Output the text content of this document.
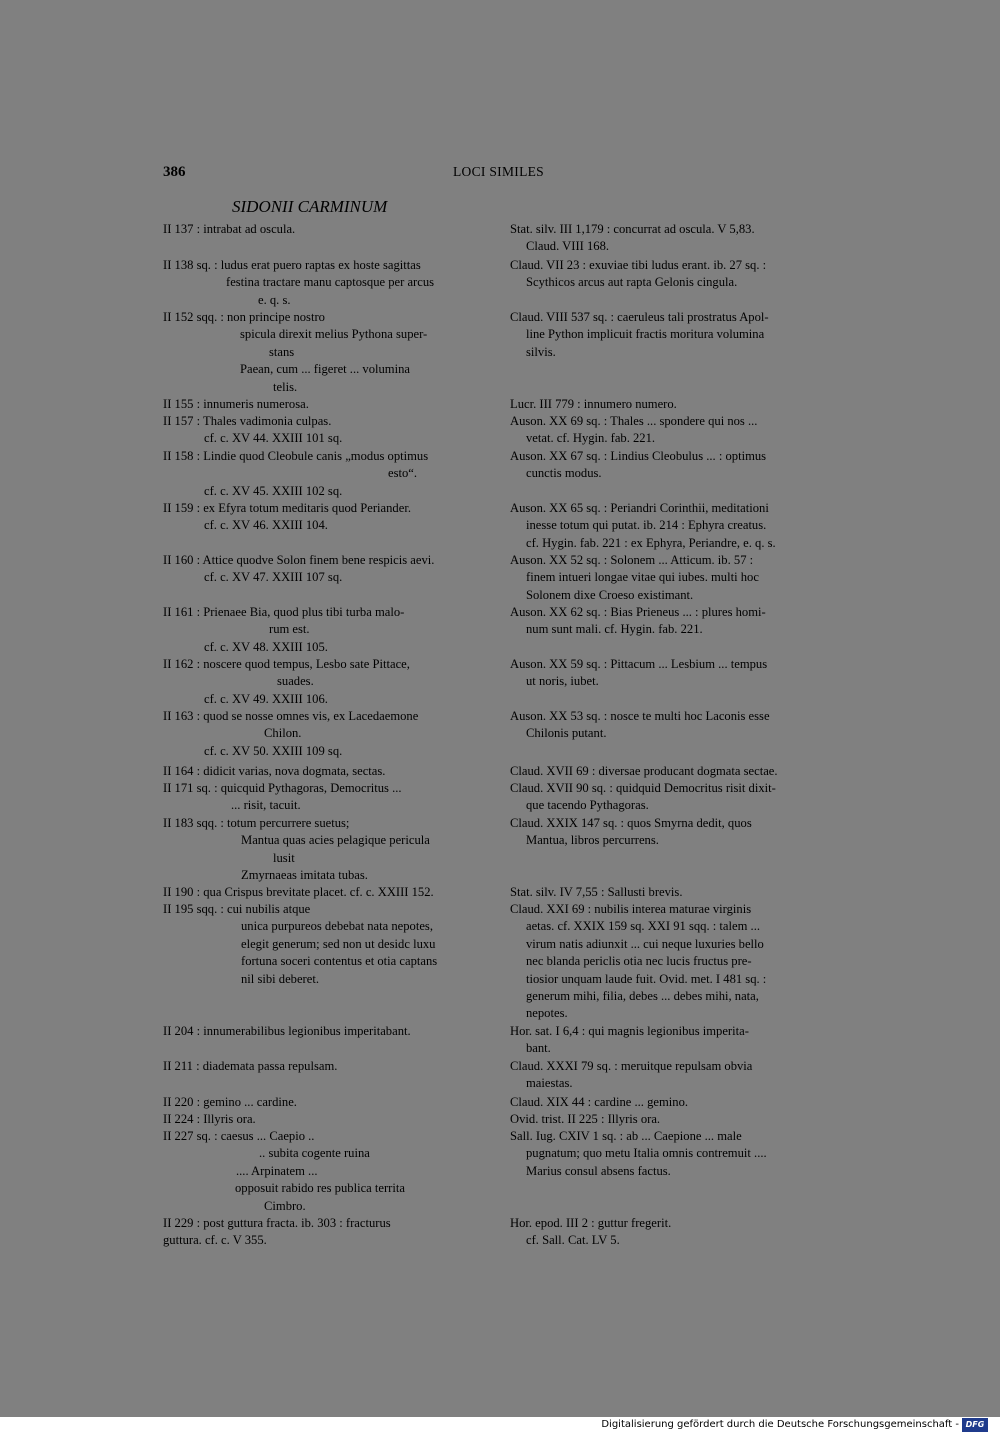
386	LOCI SIMILES
SIDONII CARMINUM
II 137 : intrabat ad oscula.
II 138 sq. : ludus erat puero raptas ex hoste sagittas
festina tractare manu captosque per arcus
e. q. s.
II 152 sqq. : non principe nostro
spicula direxit melius Pythona super-
stans
Paean, cum ... figeret ... volumina
telis.
II 155 : innumeris numerosa.
II 157 : Thales vadimonia culpas.
cf. c. XV 44. XXIII 101 sq.
II 158 : Lindie quod Cleobule canis „modus optimus
esto“.
cf. c. XV 45. XXIII 102 sq.
II 159 : ex Efyra totum meditaris quod Periander.
cf. c. XV 46. XXIII 104.
II 160 : Attice quodve Solon finem bene respicis aevi.
cf. c. XV 47. XXIII 107 sq.
II 161 : Prienaee Bia, quod plus tibi turba malo-
rum est.
cf. c. XV 48. XXIII 105.
II 162 : noscere quod tempus, Lesbo sate Pittace,
suades.
cf. c. XV 49. XXIII 106.
II 163 : quod se nosse omnes vis, ex Lacedaemone
Chilon.
cf. c. XV 50. XXIII 109 sq.
II 164 : didicit varias, nova dogmata, sectas.
II 171 sq. : quicquid Pythagoras, Democritus ...
... risit, tacuit.
II 183 sqq. : totum percurrere suetus;
Mantua quas acies pelagique pericula
lusit
Zmyrnaeas imitata tubas.
II 190 : qua Crispus brevitate placet. cf. c. XXIII 152.
II 195 sqq. : cui nubilis atque
unica purpureos debebat nata nepotes,
elegit generum; sed non ut desidc luxu
fortuna soceri contentus et otia captans
nil sibi deberet.
II 204 : innumerabilibus legionibus imperitabant.
II 211 : diademata passa repulsam.
II 220 : gemino ... cardine.
II 224 : Illyris ora.
II 227 sq. : caesus ... Caepio ..
.. subita cogente ruina
.... Arpinatem ...
opposuit rabido res publica territa
Cimbro.
II 229 : post guttura fracta. ib. 303 : fracturus
guttura. cf. c. V 355.
Stat. silv. III 1,179 : concurrat ad oscula. V 5,83.
Claud. VIII 168.
Claud. VII 23 : exuviae tibi ludus erant. ib. 27 sq. :
Scythicos arcus aut rapta Gelonis cingula.
Claud. VIII 537 sq. : caeruleus tali prostratus Apol-
line Python implicuit fractis moritura volumina
silvis.
Lucr. III 779 : innumero numero.
Auson. XX 69 sq. : Thales ... spondere qui nos ...
vetat. cf. Hygin. fab. 221.
Auson. XX 67 sq. : Lindius Cleobulus ... : optimus
cunctis modus.
Auson. XX 65 sq. : Periandri Corinthii, meditationi
inesse totum qui putat. ib. 214 : Ephyra creatus.
cf. Hygin. fab. 221 : ex Ephyra, Periandre, e. q. s.
Auson. XX 52 sq. : Solonem ... Atticum. ib. 57 :
finem intueri longae vitae qui iubes. multi hoc
Solonem dixe Croeso existimant.
Auson. XX 62 sq. : Bias Prieneus ... : plures homi-
num sunt mali. cf. Hygin. fab. 221.
Auson. XX 59 sq. : Pittacum ... Lesbium ... tempus
ut noris, iubet.
Auson. XX 53 sq. : nosce te multi hoc Laconis esse
Chilonis putant.
Claud. XVII 69 : diversae producant dogmata sectae.
Claud. XVII 90 sq. : quidquid Democritus risit dixit-
que tacendo Pythagoras.
Claud. XXIX 147 sq. : quos Smyrna dedit, quos
Mantua, libros percurrens.
Stat. silv. IV 7,55 : Sallusti brevis.
Claud. XXI 69 : nubilis interea maturae virginis
aetas. cf. XXIX 159 sq. XXI 91 sqq. : talem ...
virum natis adiunxit ... cui neque luxuries bello
nec blanda periclis otia nec lucis fructus pre-
tiosior unquam laude fuit. Ovid. met. I 481 sq. :
generum mihi, filia, debes ... debes mihi, nata,
nepotes.
Hor. sat. I 6,4 : qui magnis legionibus imperita-
bant.
Claud. XXXI 79 sq. : meruitque repulsam obvia
maiestas.
Claud. XIX 44 : cardine ... gemino.
Ovid. trist. II 225 : Illyris ora.
Sall. Iug. CXIV 1 sq. : ab ... Caepione ... male
pugnatum; quo metu Italia omnis contremuit ....
Marius consul absens factus.
Hor. epod. III 2 : guttur fregerit.
cf. Sall. Cat. LV 5.
Digitalisierung gefördert durch die Deutsche Forschungsgemeinschaft - DFG
